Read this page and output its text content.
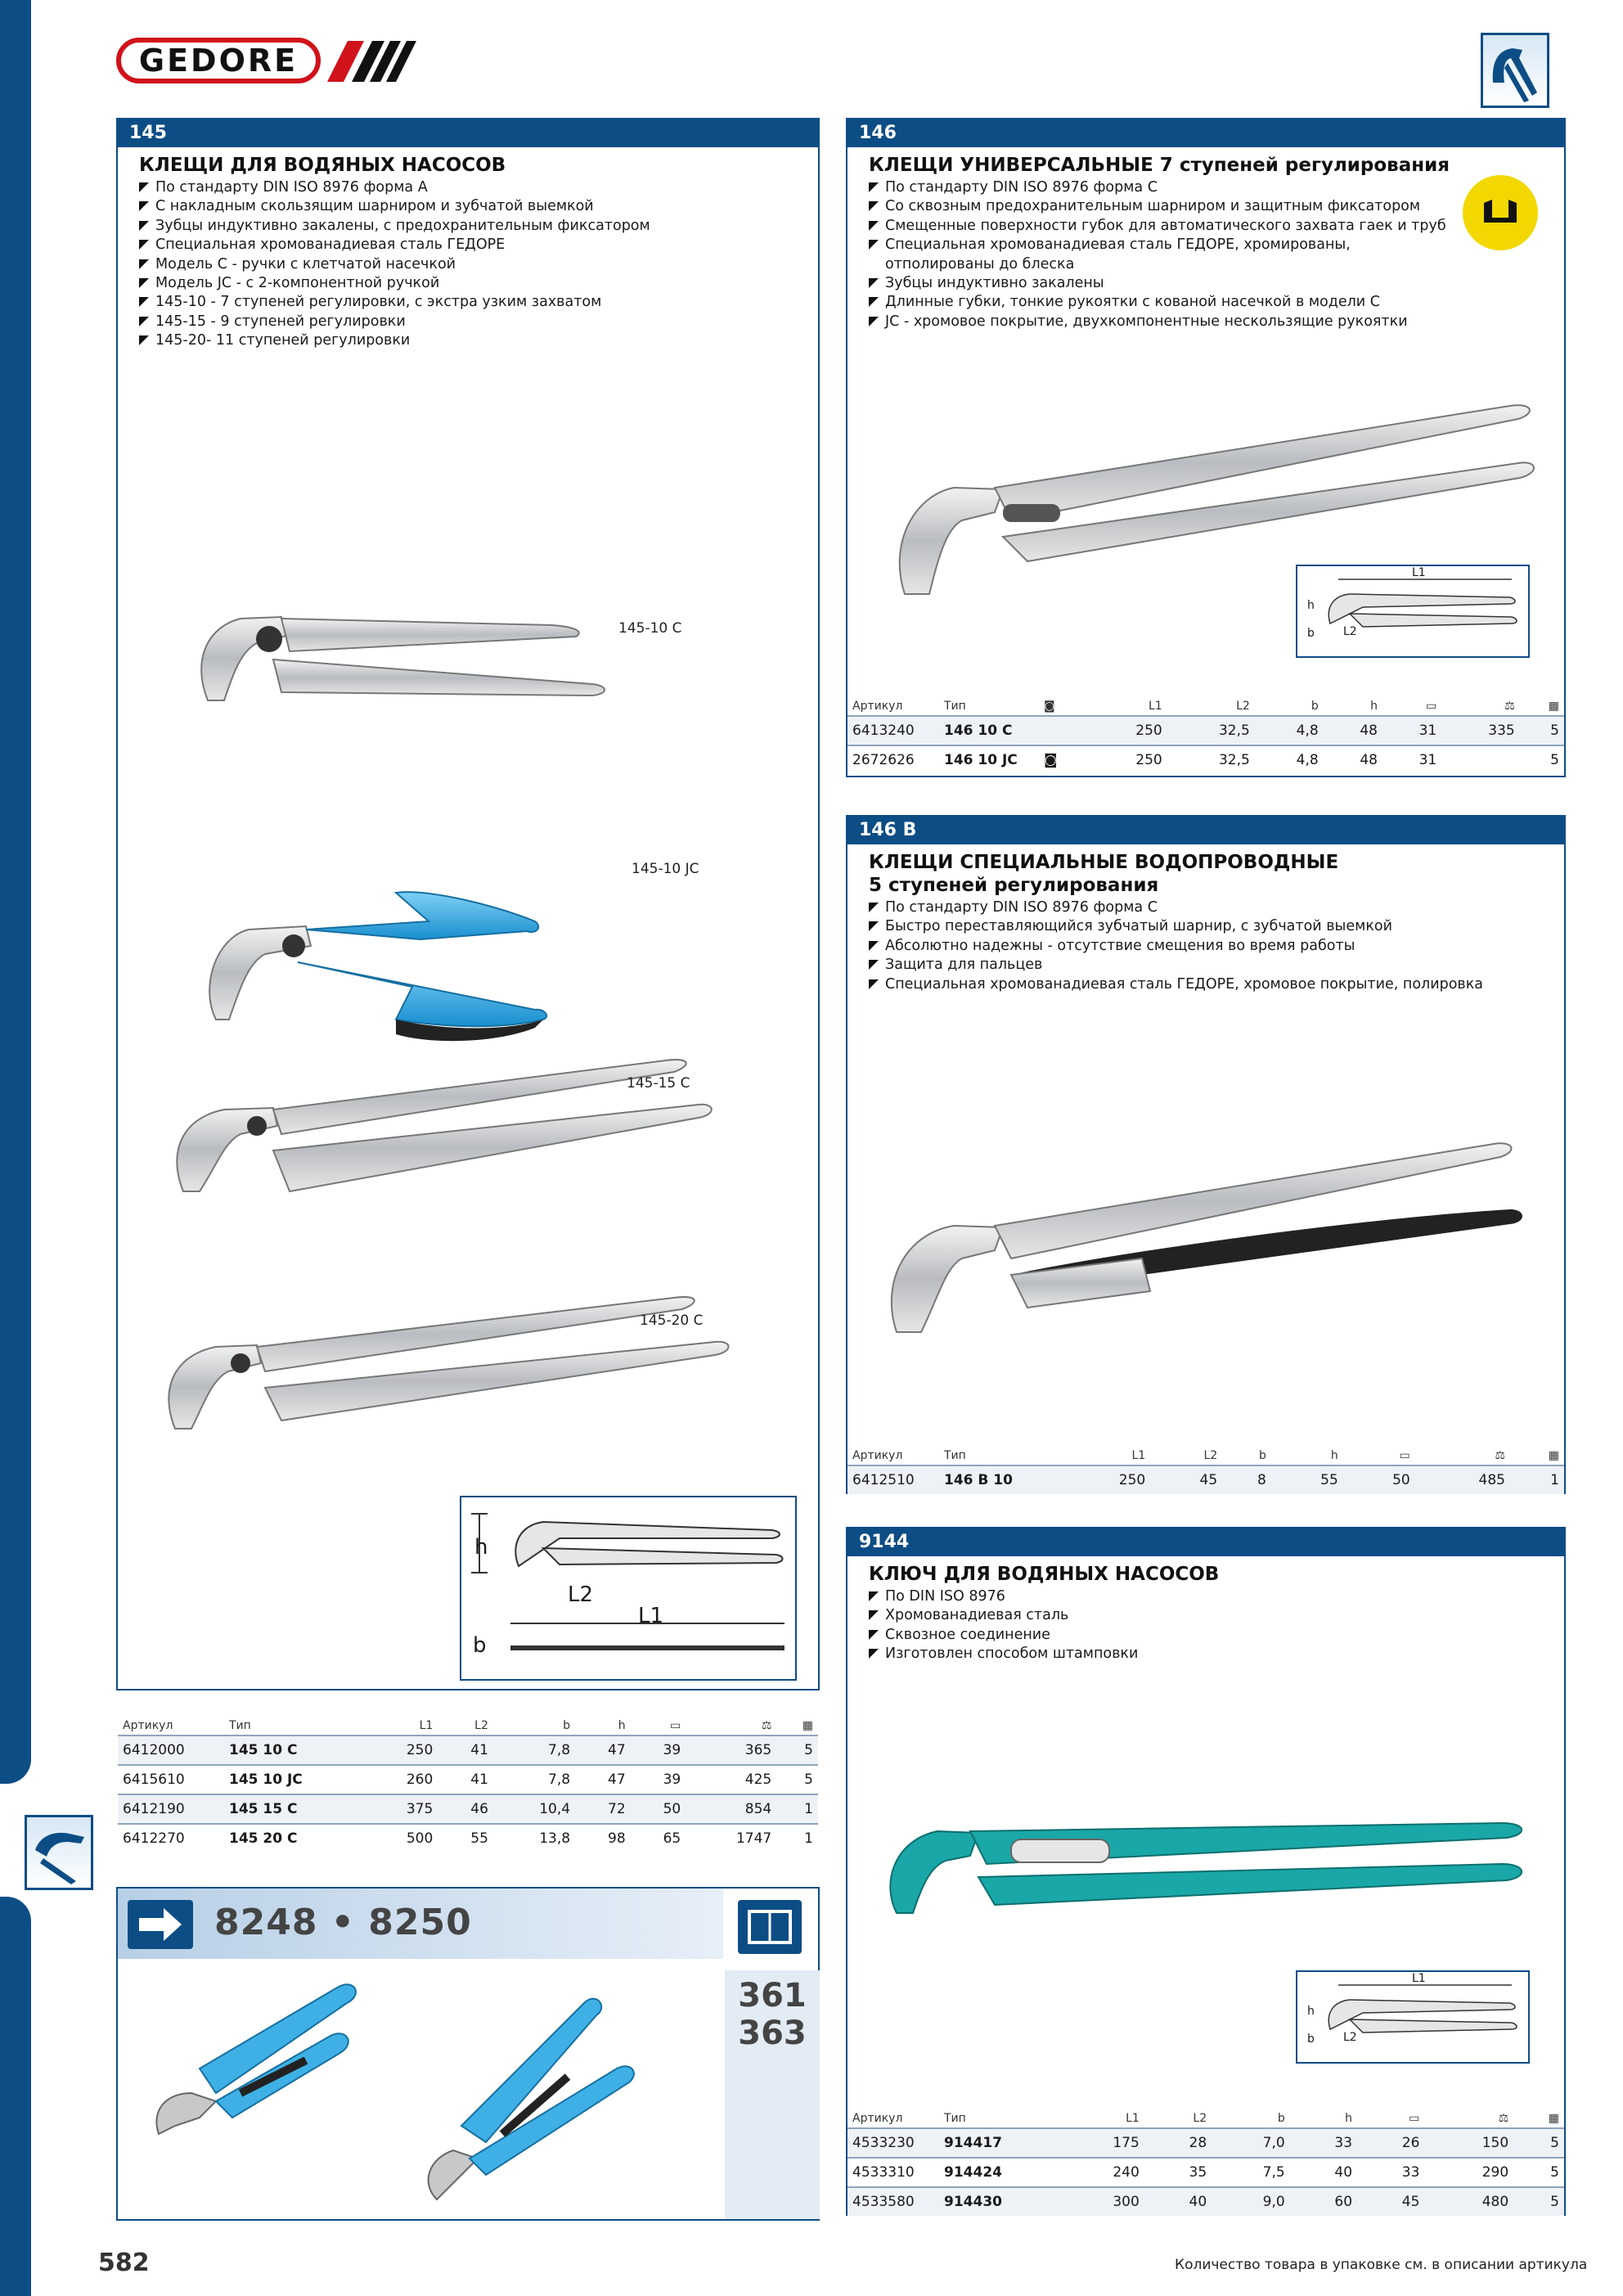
GEDORE
145
КЛЕЩИ ДЛЯ ВОДЯНЫХ НАСОСОВ
По стандарту DIN ISO 8976 форма A
С накладным скользящим шарниром и зубчатой выемкой
Зубцы индуктивно закалены, с предохранительным фиксатором
Специальная хромованадиевая сталь ГЕДОРЕ
Модель С - ручки с клетчатой насечкой
Модель JC - с 2-компонентной ручкой
145-10 - 7 ступеней регулировки, с экстра узким захватом
145-15 - 9 ступеней регулировки
145-20- 11 ступеней регулировки
145-10 C
145-10 JC
145-15 C
145-20 C
h
L2
L1
b
Артикул	Тип	L1	L2	b	h	▭	⚖	▦
6412000	145 10 C	250	41	7,8	47	39	365	5
6415610	145 10 JC	260	41	7,8	47	39	425	5
6412190	145 15 C	375	46	10,4	72	50	854	1
6412270	145 20 C	500	55	13,8	98	65	1747	1
8248 • 8250
361
363
146
КЛЕЩИ УНИВЕРСАЛЬНЫЕ 7 ступеней регулирования
По стандарту DIN ISO 8976 форма C
Со сквозным предохранительным шарниром и защитным фиксатором
Смещенные поверхности губок для автоматического захвата гаек и труб
Специальная хромованадиевая сталь ГЕДОРЕ, хромированы,
отполированы до блеска
Зубцы индуктивно закалены
Длинные губки, тонкие рукоятки с кованой насечкой в модели С
JC - хромовое покрытие, двухкомпонентные нескользящие рукоятки
h
b	L2
L1
Артикул	Тип	◙	L1	L2	b	h	▭	⚖	▦
6413240	146 10 C		250	32,5	4,8	48	31	335	5
2672626	146 10 JC	◙	250	32,5	4,8	48	31		5
146 B
КЛЕЩИ СПЕЦИАЛЬНЫЕ ВОДОПРОВОДНЫЕ
5 ступеней регулирования
По стандарту DIN ISO 8976 форма C
Быстро переставляющийся зубчатый шарнир, с зубчатой выемкой
Абсолютно надежны - отсутствие смещения во время работы
Защита для пальцев
Специальная хромованадиевая сталь ГЕДОРЕ, хромовое покрытие, полировка
Артикул	Тип	L1	L2	b	h	▭	⚖	▦
6412510	146 B 10	250	45	8	55	50	485	1
9144
КЛЮЧ ДЛЯ ВОДЯНЫХ НАСОСОВ
По DIN ISO 8976
Хромованадиевая сталь
Сквозное соединение
Изготовлен способом штамповки
h
b	L2
L1
Артикул	Тип	L1	L2	b	h	▭	⚖	▦
4533230	914417	175	28	7,0	33	26	150	5
4533310	914424	240	35	7,5	40	33	290	5
4533580	914430	300	40	9,0	60	45	480	5
582	Количество товара в упаковке см. в описании артикула
